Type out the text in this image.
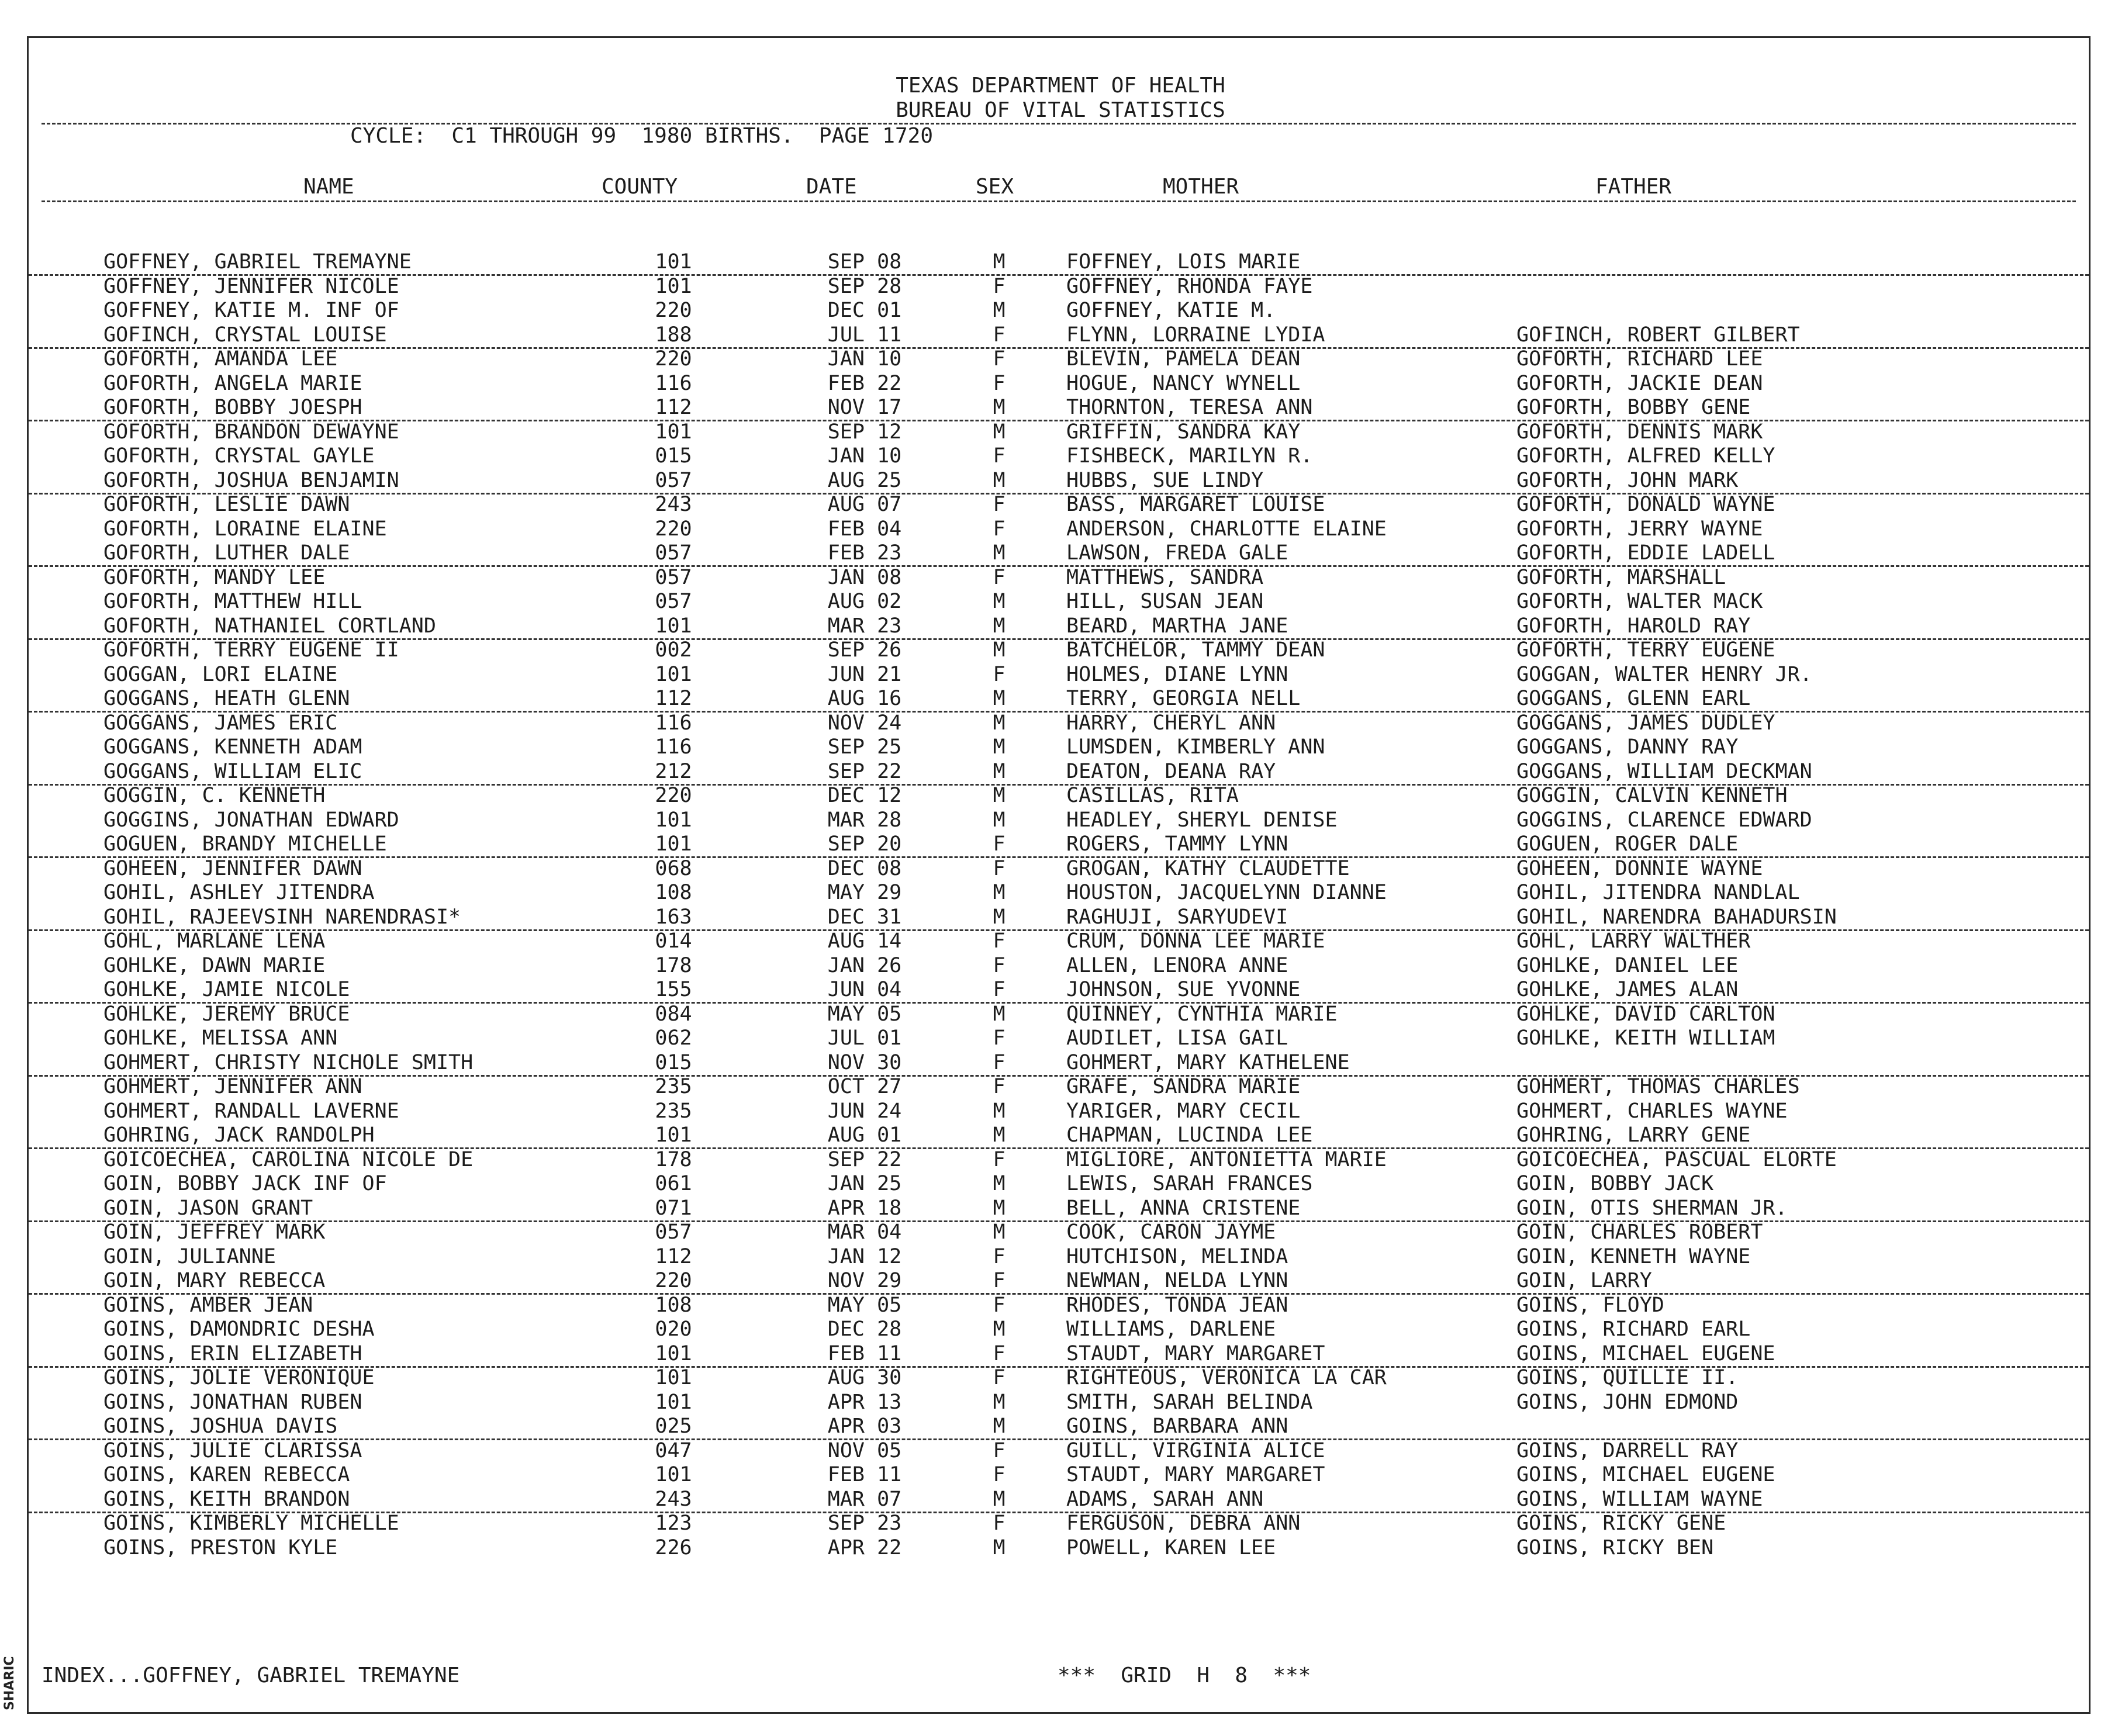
TEXAS DEPARTMENT OF HEALTH
BUREAU OF VITAL STATISTICS
CYCLE:  C1 THROUGH 99  1980 BIRTHS.  PAGE 1720
NAME	COUNTY	DATE	SEX	MOTHER	FATHER
GOFFNEY, GABRIEL TREMAYNE	101	SEP 08	M	FOFFNEY, LOIS MARIE
GOFFNEY, JENNIFER NICOLE	101	SEP 28	F	GOFFNEY, RHONDA FAYE
GOFFNEY, KATIE M. INF OF	220	DEC 01	M	GOFFNEY, KATIE M.
GOFINCH, CRYSTAL LOUISE	188	JUL 11	F	FLYNN, LORRAINE LYDIA	GOFINCH, ROBERT GILBERT
GOFORTH, AMANDA LEE	220	JAN 10	F	BLEVIN, PAMELA DEAN	GOFORTH, RICHARD LEE
GOFORTH, ANGELA MARIE	116	FEB 22	F	HOGUE, NANCY WYNELL	GOFORTH, JACKIE DEAN
GOFORTH, BOBBY JOESPH	112	NOV 17	M	THORNTON, TERESA ANN	GOFORTH, BOBBY GENE
GOFORTH, BRANDON DEWAYNE	101	SEP 12	M	GRIFFIN, SANDRA KAY	GOFORTH, DENNIS MARK
GOFORTH, CRYSTAL GAYLE	015	JAN 10	F	FISHBECK, MARILYN R.	GOFORTH, ALFRED KELLY
GOFORTH, JOSHUA BENJAMIN	057	AUG 25	M	HUBBS, SUE LINDY	GOFORTH, JOHN MARK
GOFORTH, LESLIE DAWN	243	AUG 07	F	BASS, MARGARET LOUISE	GOFORTH, DONALD WAYNE
GOFORTH, LORAINE ELAINE	220	FEB 04	F	ANDERSON, CHARLOTTE ELAINE	GOFORTH, JERRY WAYNE
GOFORTH, LUTHER DALE	057	FEB 23	M	LAWSON, FREDA GALE	GOFORTH, EDDIE LADELL
GOFORTH, MANDY LEE	057	JAN 08	F	MATTHEWS, SANDRA	GOFORTH, MARSHALL
GOFORTH, MATTHEW HILL	057	AUG 02	M	HILL, SUSAN JEAN	GOFORTH, WALTER MACK
GOFORTH, NATHANIEL CORTLAND	101	MAR 23	M	BEARD, MARTHA JANE	GOFORTH, HAROLD RAY
GOFORTH, TERRY EUGENE II	002	SEP 26	M	BATCHELOR, TAMMY DEAN	GOFORTH, TERRY EUGENE
GOGGAN, LORI ELAINE	101	JUN 21	F	HOLMES, DIANE LYNN	GOGGAN, WALTER HENRY JR.
GOGGANS, HEATH GLENN	112	AUG 16	M	TERRY, GEORGIA NELL	GOGGANS, GLENN EARL
GOGGANS, JAMES ERIC	116	NOV 24	M	HARRY, CHERYL ANN	GOGGANS, JAMES DUDLEY
GOGGANS, KENNETH ADAM	116	SEP 25	M	LUMSDEN, KIMBERLY ANN	GOGGANS, DANNY RAY
GOGGANS, WILLIAM ELIC	212	SEP 22	M	DEATON, DEANA RAY	GOGGANS, WILLIAM DECKMAN
GOGGIN, C. KENNETH	220	DEC 12	M	CASILLAS, RITA	GOGGIN, CALVIN KENNETH
GOGGINS, JONATHAN EDWARD	101	MAR 28	M	HEADLEY, SHERYL DENISE	GOGGINS, CLARENCE EDWARD
GOGUEN, BRANDY MICHELLE	101	SEP 20	F	ROGERS, TAMMY LYNN	GOGUEN, ROGER DALE
GOHEEN, JENNIFER DAWN	068	DEC 08	F	GROGAN, KATHY CLAUDETTE	GOHEEN, DONNIE WAYNE
GOHIL, ASHLEY JITENDRA	108	MAY 29	M	HOUSTON, JACQUELYNN DIANNE	GOHIL, JITENDRA NANDLAL
GOHIL, RAJEEVSINH NARENDRASI*	163	DEC 31	M	RAGHUJI, SARYUDEVI	GOHIL, NARENDRA BAHADURSIN
GOHL, MARLANE LENA	014	AUG 14	F	CRUM, DONNA LEE MARIE	GOHL, LARRY WALTHER
GOHLKE, DAWN MARIE	178	JAN 26	F	ALLEN, LENORA ANNE	GOHLKE, DANIEL LEE
GOHLKE, JAMIE NICOLE	155	JUN 04	F	JOHNSON, SUE YVONNE	GOHLKE, JAMES ALAN
GOHLKE, JEREMY BRUCE	084	MAY 05	M	QUINNEY, CYNTHIA MARIE	GOHLKE, DAVID CARLTON
GOHLKE, MELISSA ANN	062	JUL 01	F	AUDILET, LISA GAIL	GOHLKE, KEITH WILLIAM
GOHMERT, CHRISTY NICHOLE SMITH	015	NOV 30	F	GOHMERT, MARY KATHELENE
GOHMERT, JENNIFER ANN	235	OCT 27	F	GRAFE, SANDRA MARIE	GOHMERT, THOMAS CHARLES
GOHMERT, RANDALL LAVERNE	235	JUN 24	M	YARIGER, MARY CECIL	GOHMERT, CHARLES WAYNE
GOHRING, JACK RANDOLPH	101	AUG 01	M	CHAPMAN, LUCINDA LEE	GOHRING, LARRY GENE
GOICOECHEA, CAROLINA NICOLE DE	178	SEP 22	F	MIGLIORE, ANTONIETTA MARIE	GOICOECHEA, PASCUAL ELORTE
GOIN, BOBBY JACK INF OF	061	JAN 25	M	LEWIS, SARAH FRANCES	GOIN, BOBBY JACK
GOIN, JASON GRANT	071	APR 18	M	BELL, ANNA CRISTENE	GOIN, OTIS SHERMAN JR.
GOIN, JEFFREY MARK	057	MAR 04	M	COOK, CARON JAYME	GOIN, CHARLES ROBERT
GOIN, JULIANNE	112	JAN 12	F	HUTCHISON, MELINDA	GOIN, KENNETH WAYNE
GOIN, MARY REBECCA	220	NOV 29	F	NEWMAN, NELDA LYNN	GOIN, LARRY
GOINS, AMBER JEAN	108	MAY 05	F	RHODES, TONDA JEAN	GOINS, FLOYD
GOINS, DAMONDRIC DESHA	020	DEC 28	M	WILLIAMS, DARLENE	GOINS, RICHARD EARL
GOINS, ERIN ELIZABETH	101	FEB 11	F	STAUDT, MARY MARGARET	GOINS, MICHAEL EUGENE
GOINS, JOLIE VERONIQUE	101	AUG 30	F	RIGHTEOUS, VERONICA LA CAR	GOINS, QUILLIE II.
GOINS, JONATHAN RUBEN	101	APR 13	M	SMITH, SARAH BELINDA	GOINS, JOHN EDMOND
GOINS, JOSHUA DAVIS	025	APR 03	M	GOINS, BARBARA ANN
GOINS, JULIE CLARISSA	047	NOV 05	F	GUILL, VIRGINIA ALICE	GOINS, DARRELL RAY
GOINS, KAREN REBECCA	101	FEB 11	F	STAUDT, MARY MARGARET	GOINS, MICHAEL EUGENE
GOINS, KEITH BRANDON	243	MAR 07	M	ADAMS, SARAH ANN	GOINS, WILLIAM WAYNE
GOINS, KIMBERLY MICHELLE	123	SEP 23	F	FERGUSON, DEBRA ANN	GOINS, RICKY GENE
GOINS, PRESTON KYLE	226	APR 22	M	POWELL, KAREN LEE	GOINS, RICKY BEN
INDEX...GOFFNEY, GABRIEL TREMAYNE	***  GRID  H  8  ***
SHARIC
